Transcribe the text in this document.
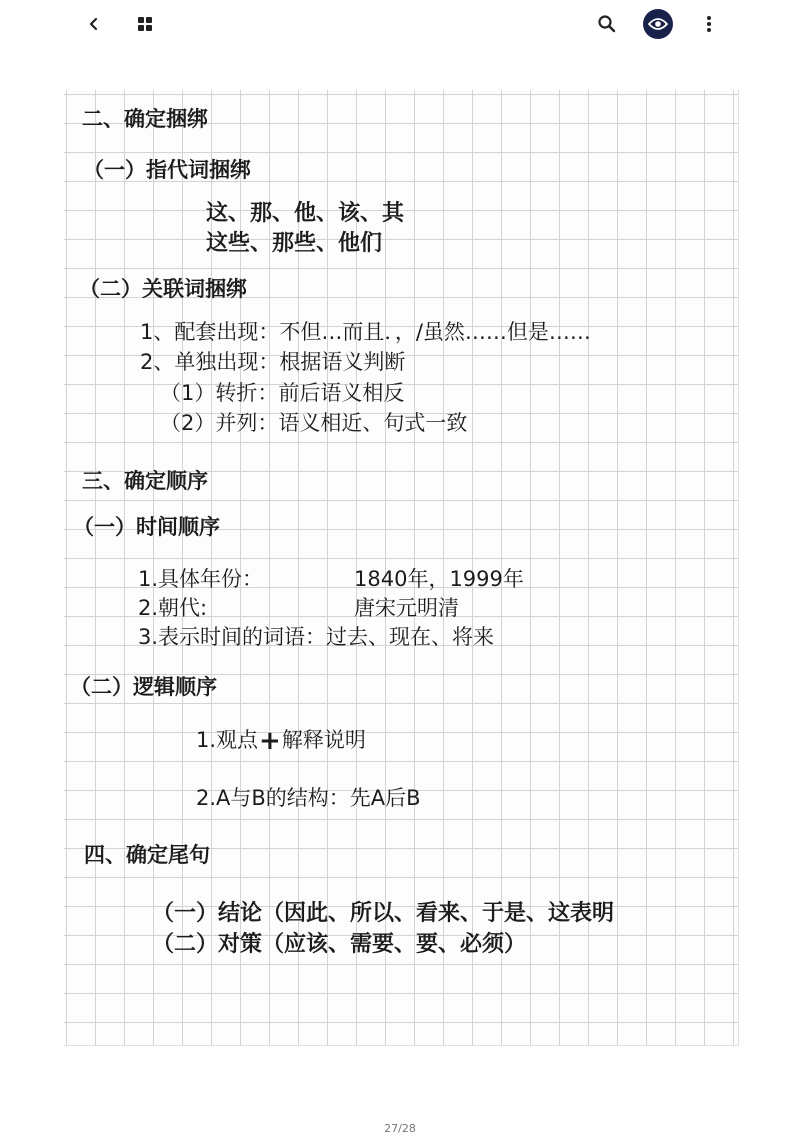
二、确定捆绑
（一）指代词捆绑
这、那、他、该、其
这些、那些、他们
（二）关联词捆绑
1、配套出现：不但…而且．，/虽然……但是……
2、单独出现：根据语义判断
（1）转折：前后语义相反
（2）并列：语义相近、句式一致
三、确定顺序
（一）时间顺序
1.具体年份：	1840年，1999年
2.朝代:	唐宋元明清
3.表示时间的词语：过去、现在、将来
（二）逻辑顺序
1.观点+解释说明
2.A与B的结构：先A后B
四、确定尾句
（一）结论（因此、所以、看来、于是、这表明
（二）对策（应该、需要、要、必须）
27/28
